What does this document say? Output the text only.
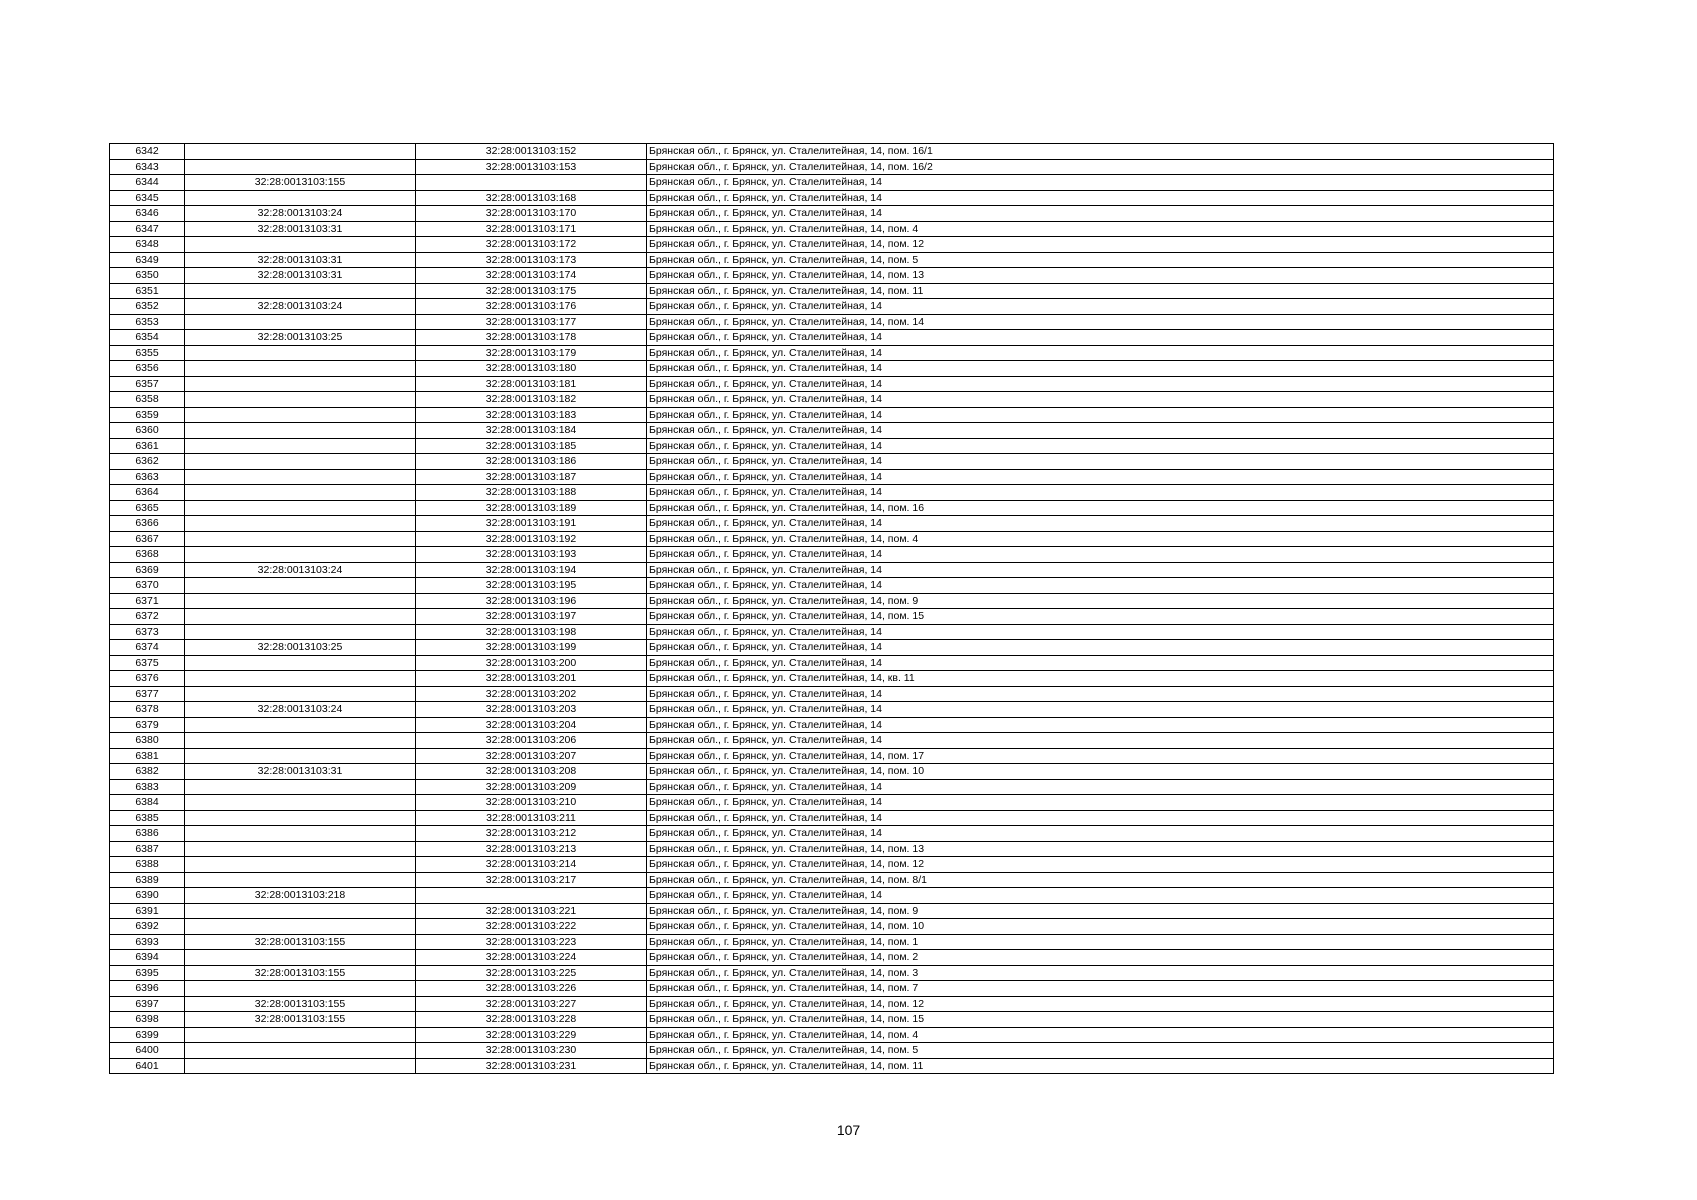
6342		32:28:0013103:152	Брянская обл., г. Брянск, ул. Сталелитейная, 14, пом. 16/1
6343		32:28:0013103:153	Брянская обл., г. Брянск, ул. Сталелитейная, 14, пом. 16/2
6344	32:28:0013103:155		Брянская обл., г. Брянск, ул. Сталелитейная, 14
6345		32:28:0013103:168	Брянская обл., г. Брянск, ул. Сталелитейная, 14
6346	32:28:0013103:24	32:28:0013103:170	Брянская обл., г. Брянск, ул. Сталелитейная, 14
6347	32:28:0013103:31	32:28:0013103:171	Брянская обл., г. Брянск, ул. Сталелитейная, 14, пом. 4
6348		32:28:0013103:172	Брянская обл., г. Брянск, ул. Сталелитейная, 14, пом. 12
6349	32:28:0013103:31	32:28:0013103:173	Брянская обл., г. Брянск, ул. Сталелитейная, 14, пом. 5
6350	32:28:0013103:31	32:28:0013103:174	Брянская обл., г. Брянск, ул. Сталелитейная, 14, пом. 13
6351		32:28:0013103:175	Брянская обл., г. Брянск, ул. Сталелитейная, 14, пом. 11
6352	32:28:0013103:24	32:28:0013103:176	Брянская обл., г. Брянск, ул. Сталелитейная, 14
6353		32:28:0013103:177	Брянская обл., г. Брянск, ул. Сталелитейная, 14, пом. 14
6354	32:28:0013103:25	32:28:0013103:178	Брянская обл., г. Брянск, ул. Сталелитейная, 14
6355		32:28:0013103:179	Брянская обл., г. Брянск, ул. Сталелитейная, 14
6356		32:28:0013103:180	Брянская обл., г. Брянск, ул. Сталелитейная, 14
6357		32:28:0013103:181	Брянская обл., г. Брянск, ул. Сталелитейная, 14
6358		32:28:0013103:182	Брянская обл., г. Брянск, ул. Сталелитейная, 14
6359		32:28:0013103:183	Брянская обл., г. Брянск, ул. Сталелитейная, 14
6360		32:28:0013103:184	Брянская обл., г. Брянск, ул. Сталелитейная, 14
6361		32:28:0013103:185	Брянская обл., г. Брянск, ул. Сталелитейная, 14
6362		32:28:0013103:186	Брянская обл., г. Брянск, ул. Сталелитейная, 14
6363		32:28:0013103:187	Брянская обл., г. Брянск, ул. Сталелитейная, 14
6364		32:28:0013103:188	Брянская обл., г. Брянск, ул. Сталелитейная, 14
6365		32:28:0013103:189	Брянская обл., г. Брянск, ул. Сталелитейная, 14, пом. 16
6366		32:28:0013103:191	Брянская обл., г. Брянск, ул. Сталелитейная, 14
6367		32:28:0013103:192	Брянская обл., г. Брянск, ул. Сталелитейная, 14, пом. 4
6368		32:28:0013103:193	Брянская обл., г. Брянск, ул. Сталелитейная, 14
6369	32:28:0013103:24	32:28:0013103:194	Брянская обл., г. Брянск, ул. Сталелитейная, 14
6370		32:28:0013103:195	Брянская обл., г. Брянск, ул. Сталелитейная, 14
6371		32:28:0013103:196	Брянская обл., г. Брянск, ул. Сталелитейная, 14, пом. 9
6372		32:28:0013103:197	Брянская обл., г. Брянск, ул. Сталелитейная, 14, пом. 15
6373		32:28:0013103:198	Брянская обл., г. Брянск, ул. Сталелитейная, 14
6374	32:28:0013103:25	32:28:0013103:199	Брянская обл., г. Брянск, ул. Сталелитейная, 14
6375		32:28:0013103:200	Брянская обл., г. Брянск, ул. Сталелитейная, 14
6376		32:28:0013103:201	Брянская обл., г. Брянск, ул. Сталелитейная, 14, кв. 11
6377		32:28:0013103:202	Брянская обл., г. Брянск, ул. Сталелитейная, 14
6378	32:28:0013103:24	32:28:0013103:203	Брянская обл., г. Брянск, ул. Сталелитейная, 14
6379		32:28:0013103:204	Брянская обл., г. Брянск, ул. Сталелитейная, 14
6380		32:28:0013103:206	Брянская обл., г. Брянск, ул. Сталелитейная, 14
6381		32:28:0013103:207	Брянская обл., г. Брянск, ул. Сталелитейная, 14, пом. 17
6382	32:28:0013103:31	32:28:0013103:208	Брянская обл., г. Брянск, ул. Сталелитейная, 14, пом. 10
6383		32:28:0013103:209	Брянская обл., г. Брянск, ул. Сталелитейная, 14
6384		32:28:0013103:210	Брянская обл., г. Брянск, ул. Сталелитейная, 14
6385		32:28:0013103:211	Брянская обл., г. Брянск, ул. Сталелитейная, 14
6386		32:28:0013103:212	Брянская обл., г. Брянск, ул. Сталелитейная, 14
6387		32:28:0013103:213	Брянская обл., г. Брянск, ул. Сталелитейная, 14, пом. 13
6388		32:28:0013103:214	Брянская обл., г. Брянск, ул. Сталелитейная, 14, пом. 12
6389		32:28:0013103:217	Брянская обл., г. Брянск, ул. Сталелитейная, 14, пом. 8/1
6390	32:28:0013103:218		Брянская обл., г. Брянск, ул. Сталелитейная, 14
6391		32:28:0013103:221	Брянская обл., г. Брянск, ул. Сталелитейная, 14, пом. 9
6392		32:28:0013103:222	Брянская обл., г. Брянск, ул. Сталелитейная, 14, пом. 10
6393	32:28:0013103:155	32:28:0013103:223	Брянская обл., г. Брянск, ул. Сталелитейная, 14, пом. 1
6394		32:28:0013103:224	Брянская обл., г. Брянск, ул. Сталелитейная, 14, пом. 2
6395	32:28:0013103:155	32:28:0013103:225	Брянская обл., г. Брянск, ул. Сталелитейная, 14, пом. 3
6396		32:28:0013103:226	Брянская обл., г. Брянск, ул. Сталелитейная, 14, пом. 7
6397	32:28:0013103:155	32:28:0013103:227	Брянская обл., г. Брянск, ул. Сталелитейная, 14, пом. 12
6398	32:28:0013103:155	32:28:0013103:228	Брянская обл., г. Брянск, ул. Сталелитейная, 14, пом. 15
6399		32:28:0013103:229	Брянская обл., г. Брянск, ул. Сталелитейная, 14, пом. 4
6400		32:28:0013103:230	Брянская обл., г. Брянск, ул. Сталелитейная, 14, пом. 5
6401		32:28:0013103:231	Брянская обл., г. Брянск, ул. Сталелитейная, 14, пом. 11
107
